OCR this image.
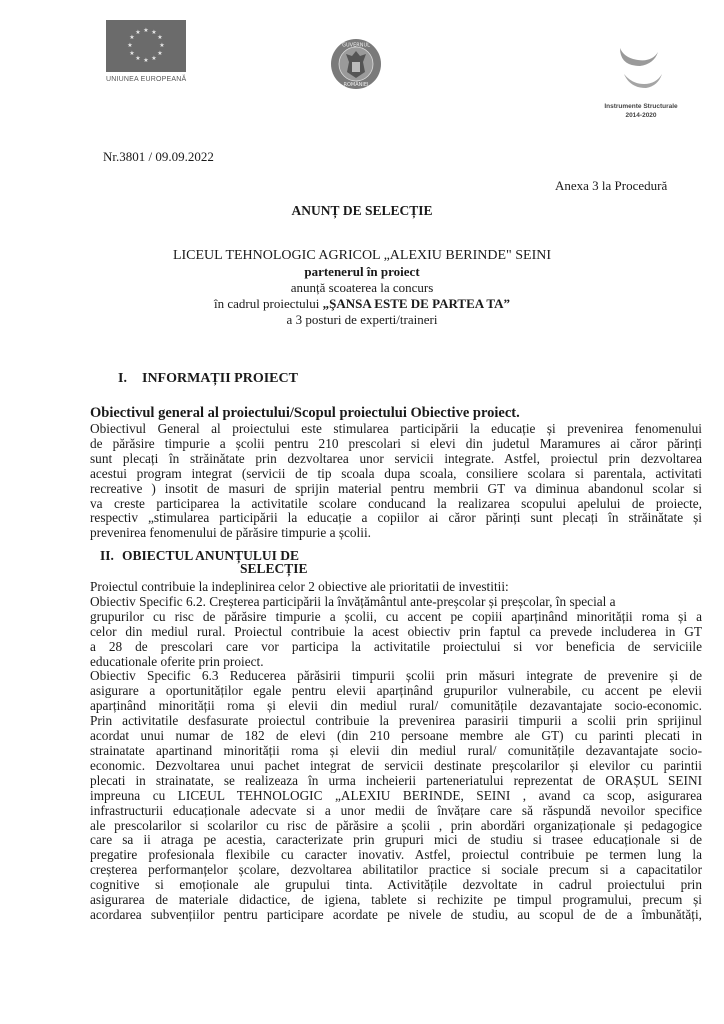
★ ★
★
★
★
★
★
★
★
★
★
★
UNIUNEA EUROPEANĂ
GUVERNUL
ROMÂNIEI
Instrumente Structurale
2014-2020
Nr.3801 / 09.09.2022
Anexa 3 la Procedură
ANUNȚ DE SELECȚIE
LICEUL TEHNOLOGIC AGRICOL „ALEXIU BERINDE" SEINI
partenerul în proiect
anunță scoaterea la concurs
în cadrul proiectului „ŞANSA ESTE DE PARTEA TA”
a 3 posturi de experti/traineri
I. INFORMAȚII PROIECT
Obiectivul general al proiectului/Scopul proiectului Obiective proiect.

Obiectivul General al proiectului este stimularea participării la educație și prevenirea fenomenului

de părăsire timpurie a școlii pentru 210 prescolari si elevi din judetul Maramures ai căror părinți

sunt plecați în străinătate prin dezvoltarea unor servicii integrate. Astfel, proiectul prin dezvoltarea

acestui program integrat (servicii de tip scoala dupa scoala, consiliere scolara si parentala, activitati

recreative ) insotit de masuri de sprijin material pentru membrii GT va diminua abandonul scolar si

va creste participarea la activitatile scolare conducand la realizarea scopului apelului de proiecte,

respectiv „stimularea participării la educație a copiilor ai căror părinți sunt plecați în străinătate și

prevenirea fenomenului de părăsire timpurie a școlii.

II. OBIECTUL ANUNȚULUI DE
SELECȚIE

Proiectul contribuie la indeplinirea celor 2 obiective ale prioritatii de investitii:

Obiectiv Specific 6.2. Creșterea participării la învățământul ante-preșcolar și preșcolar, în special a

grupurilor cu risc de părăsire timpurie a școlii, cu accent pe copiii aparținând minorității roma și a

celor din mediul rural. Proiectul contribuie la acest obiectiv prin faptul ca prevede includerea in GT

a 28 de prescolari care vor participa la activitatile proiectului si vor beneficia de serviciile

educationale oferite prin proiect.

Obiectiv Specific 6.3 Reducerea părăsirii timpurii școlii prin măsuri integrate de prevenire și de

asigurare a oportunităților egale pentru elevii aparținând grupurilor vulnerabile, cu accent pe elevii

aparținând minorității roma și elevii din mediul rural/ comunitățile dezavantajate socio-economic.

Prin activitatile desfasurate proiectul contribuie la prevenirea parasirii timpurii a scolii prin sprijinul

acordat unui numar de 182 de elevi (din 210 persoane membre ale GT) cu parinti plecati in

strainatate apartinand minorității roma și elevii din mediul rural/ comunitățile dezavantajate socio-

economic. Dezvoltarea unui pachet integrat de servicii destinate preșcolarilor și elevilor cu parintii

plecati in strainatate, se realizeaza în urma incheierii parteneriatului reprezentat de ORAȘUL SEINI

impreuna cu LICEUL TEHNOLOGIC „ALEXIU BERINDE, SEINI , avand ca scop, asigurarea

infrastructurii educaționale adecvate si a unor medii de învățare care să răspundă nevoilor specifice

ale prescolarilor si scolarilor cu risc de părăsire a școlii , prin abordări organizaționale și pedagogice

care sa ii atraga pe acestia, caracterizate prin grupuri mici de studiu si trasee educaționale si de

pregatire profesionala flexibile cu caracter inovativ. Astfel, proiectul contribuie pe termen lung la

creșterea performanțelor școlare, dezvoltarea abilitatilor practice si sociale precum si a capacitatilor

cognitive si emoționale ale grupului tinta. Activitățile dezvoltate in cadrul proiectului prin

asigurarea de materiale didactice, de igiena, tablete si rechizite pe timpul programului, precum și

acordarea subvențiilor pentru participare acordate pe nivele de studiu, au scopul de de a îmbunătăți,
